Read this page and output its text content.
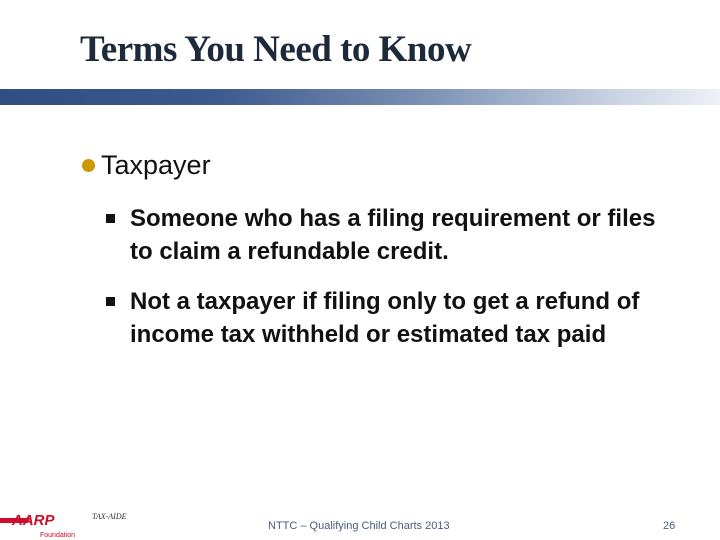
Terms You Need to Know
Taxpayer
Someone who has a filing requirement or files to claim a refundable credit.
Not a taxpayer if filing only to get a refund of income tax withheld or estimated tax paid
AARP
Foundation
TAX-AIDE
NTTC – Qualifying Child Charts 2013	26
